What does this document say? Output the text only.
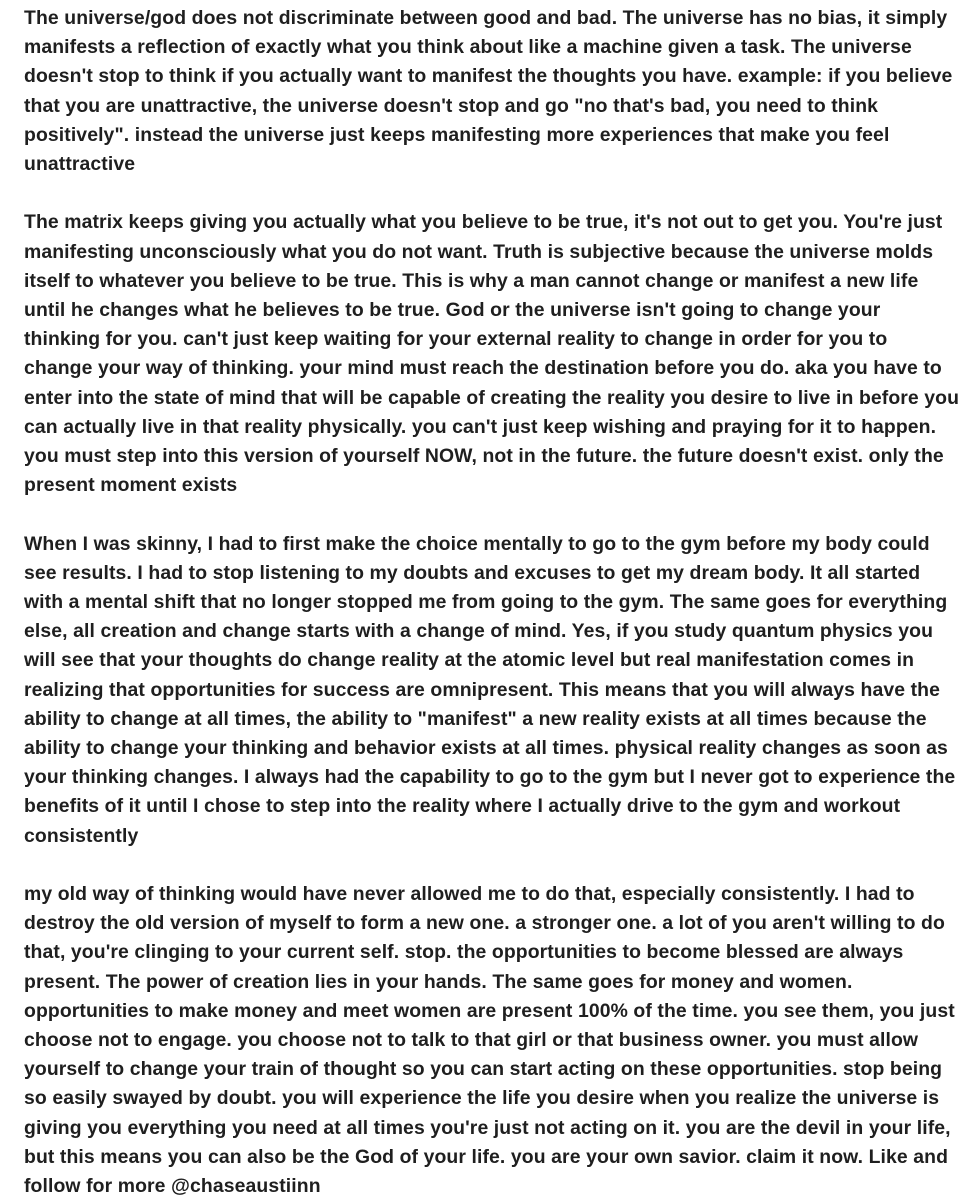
The universe/god does not discriminate between good and bad. The universe has no bias, it simply manifests a reflection of exactly what you think about like a machine given a task. The universe doesn't stop to think if you actually want to manifest the thoughts you have. example: if you believe that you are unattractive, the universe doesn't stop and go "no that's bad, you need to think positively". instead the universe just keeps manifesting more experiences that make you feel unattractive

The matrix keeps giving you actually what you believe to be true, it's not out to get you. You're just manifesting unconsciously what you do not want. Truth is subjective because the universe molds itself to whatever you believe to be true. This is why a man cannot change or manifest a new life until he changes what he believes to be true. God or the universe isn't going to change your thinking for you. can't just keep waiting for your external reality to change in order for you to change your way of thinking. your mind must reach the destination before you do. aka you have to enter into the state of mind that will be capable of creating the reality you desire to live in before you can actually live in that reality physically. you can't just keep wishing and praying for it to happen. you must step into this version of yourself NOW, not in the future. the future doesn't exist. only the present moment exists

When I was skinny, I had to first make the choice mentally to go to the gym before my body could see results. I had to stop listening to my doubts and excuses to get my dream body. It all started with a mental shift that no longer stopped me from going to the gym. The same goes for everything else, all creation and change starts with a change of mind. Yes, if you study quantum physics you will see that your thoughts do change reality at the atomic level but real manifestation comes in realizing that opportunities for success are omnipresent. This means that you will always have the ability to change at all times, the ability to "manifest" a new reality exists at all times because the ability to change your thinking and behavior exists at all times. physical reality changes as soon as your thinking changes. I always had the capability to go to the gym but I never got to experience the benefits of it until I chose to step into the reality where I actually drive to the gym and workout consistently

my old way of thinking would have never allowed me to do that, especially consistently. I had to destroy the old version of myself to form a new one. a stronger one. a lot of you aren't willing to do that, you're clinging to your current self. stop. the opportunities to become blessed are always present. The power of creation lies in your hands. The same goes for money and women. opportunities to make money and meet women are present 100% of the time. you see them, you just choose not to engage. you choose not to talk to that girl or that business owner. you must allow yourself to change your train of thought so you can start acting on these opportunities. stop being so easily swayed by doubt. you will experience the life you desire when you realize the universe is giving you everything you need at all times you're just not acting on it. you are the devil in your life, but this means you can also be the God of your life. you are your own savior. claim it now. Like and follow for more @chaseaustiinn
